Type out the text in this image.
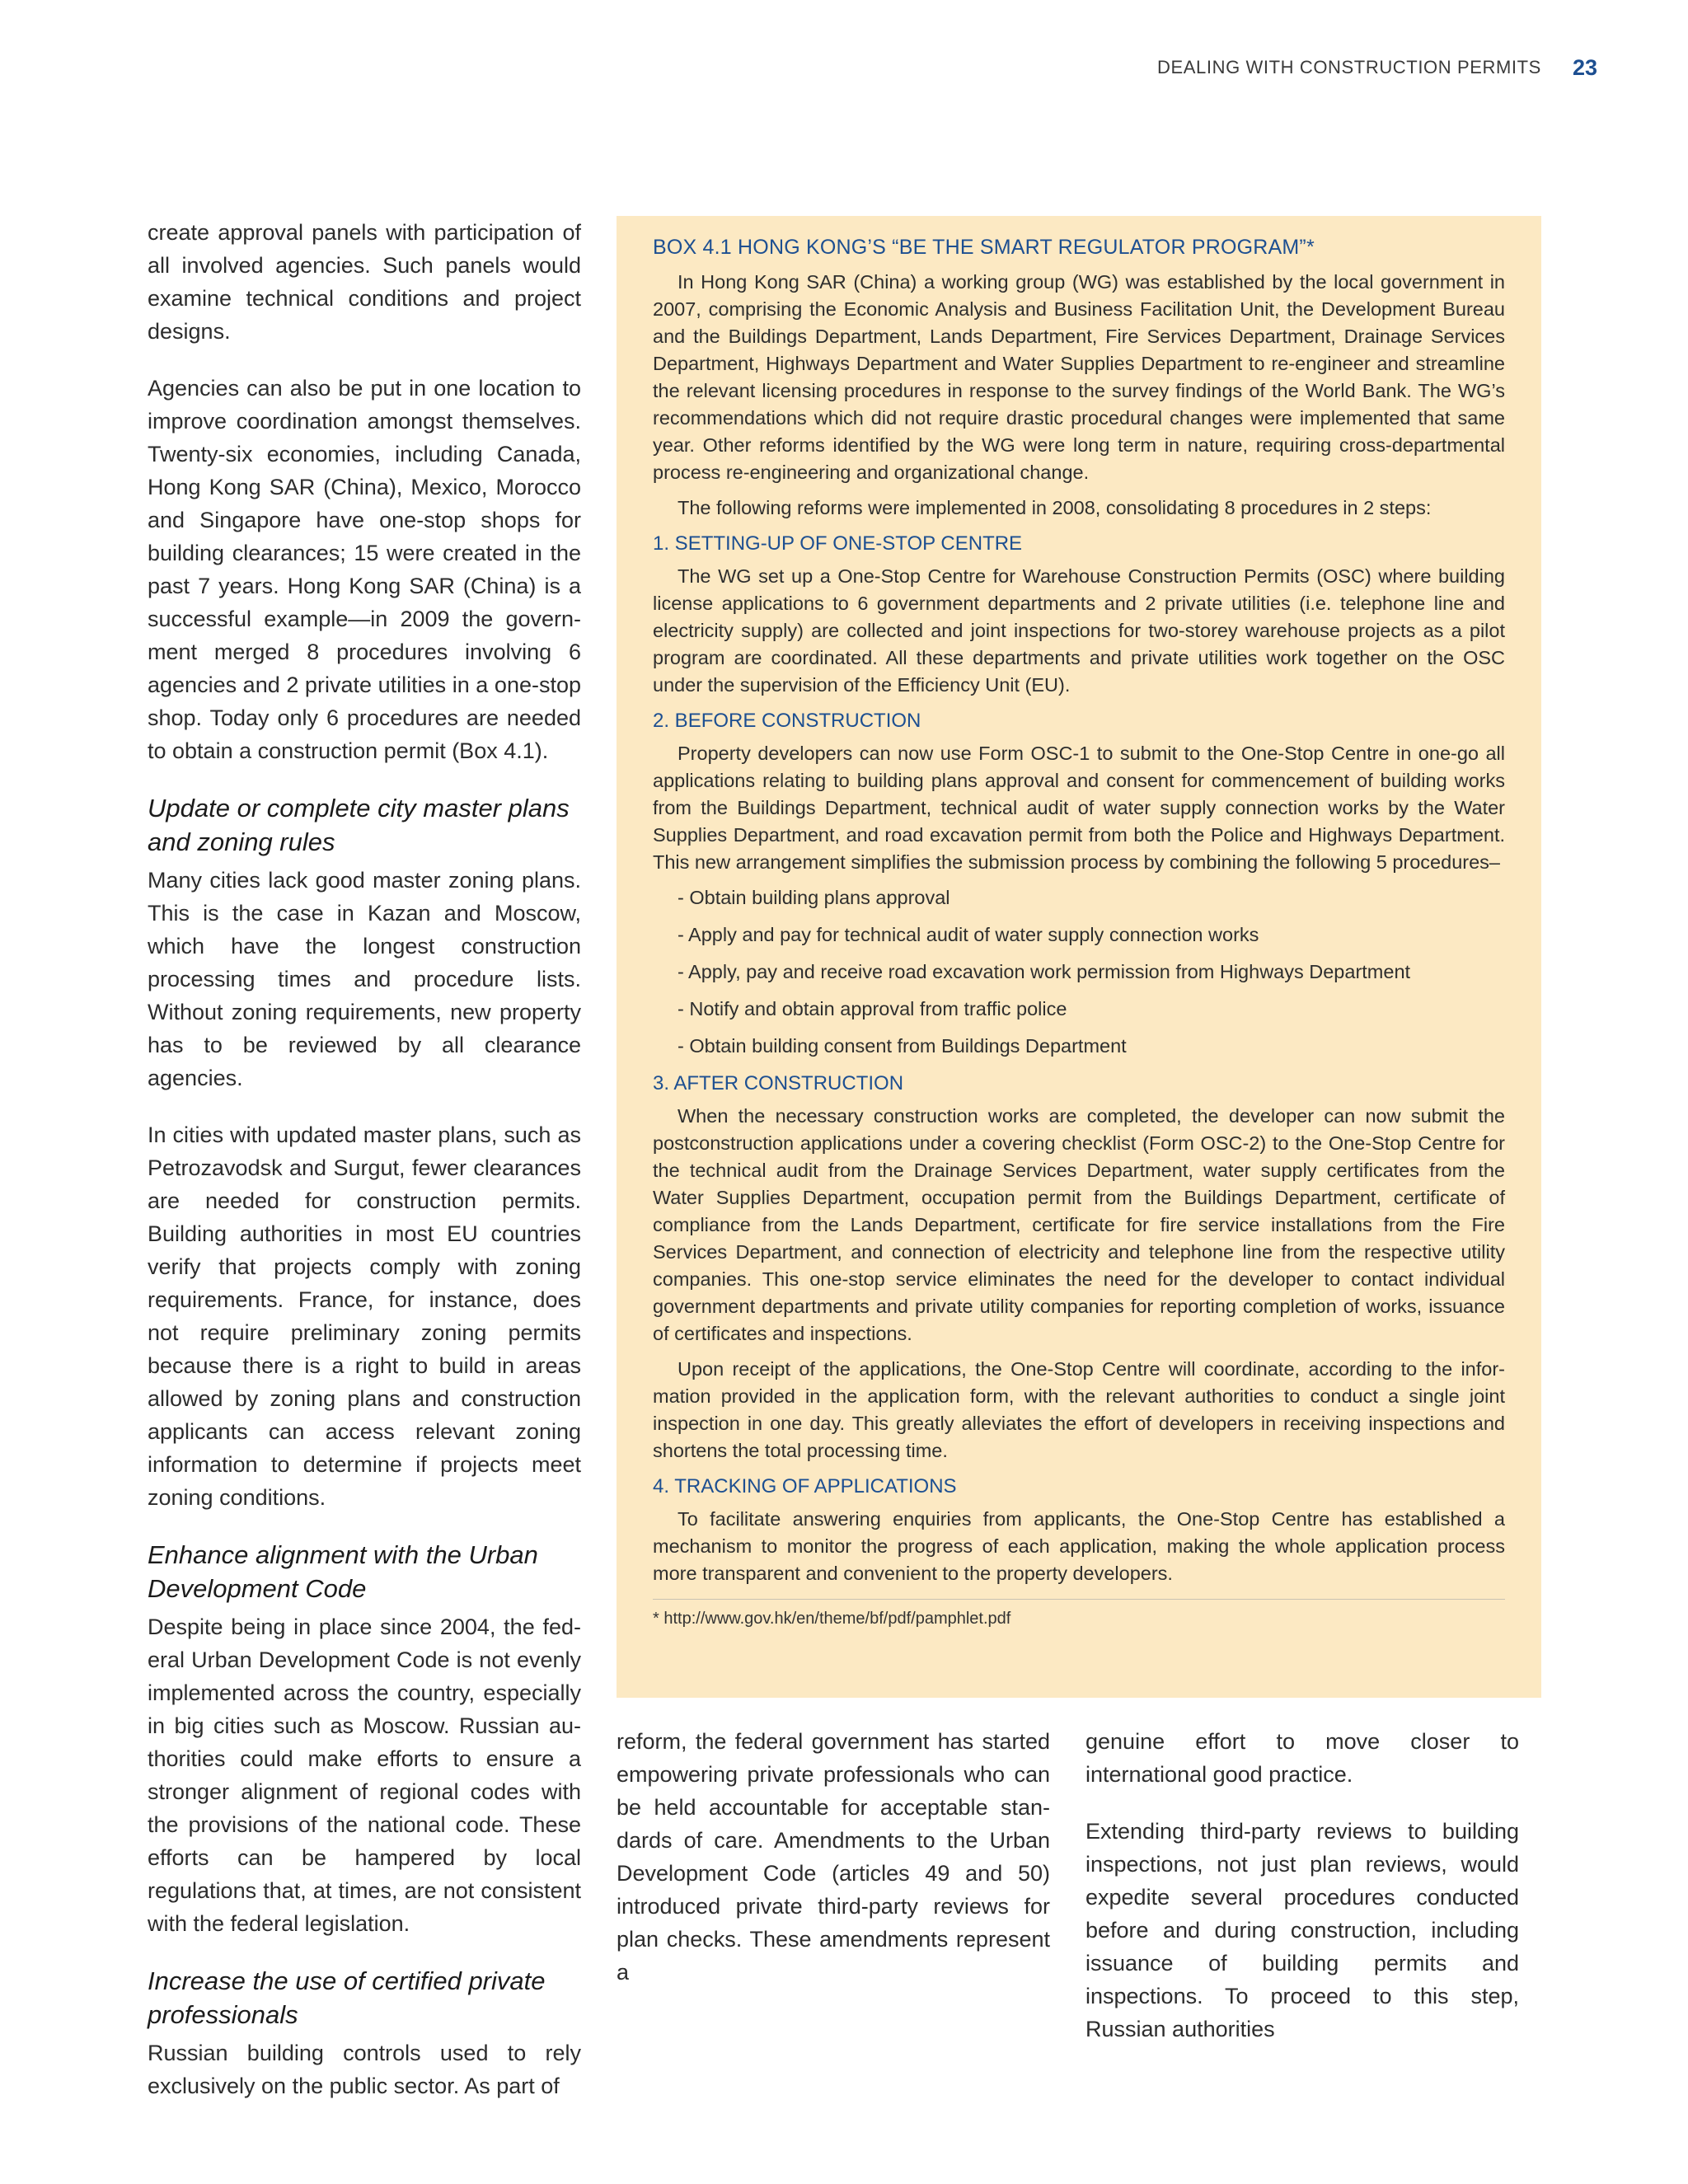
DEALING WITH CONSTRUCTION PERMITS 23

create approval panels with participation of all involved agencies. Such panels would examine technical conditions and project designs.

Agencies can also be put in one location to improve coordination amongst themselves. Twenty-six economies, including Canada, Hong Kong SAR (China), Mexico, Morocco and Singapore have one-stop shops for building clearances; 15 were created in the past 7 years. Hong Kong SAR (China) is a successful example—in 2009 the government merged 8 procedures involving 6 agencies and 2 private utilities in a one-stop shop. Today only 6 procedures are needed to obtain a construction permit (Box 4.1).

Update or complete city master plans and zoning rules

Many cities lack good master zoning plans. This is the case in Kazan and Moscow, which have the longest construction processing times and procedure lists. Without zoning requirements, new property has to be reviewed by all clearance agencies.

In cities with updated master plans, such as Petrozavodsk and Surgut, fewer clearances are needed for construction permits. Building authorities in most EU countries verify that projects comply with zoning requirements. France, for instance, does not require preliminary zoning permits because there is a right to build in areas allowed by zoning plans and construction applicants can access relevant zoning information to determine if projects meet zoning conditions.

Enhance alignment with the Urban Development Code

Despite being in place since 2004, the federal Urban Development Code is not evenly implemented across the country, especially in big cities such as Moscow. Russian authorities could make efforts to ensure a stronger alignment of regional codes with the provisions of the national code. These efforts can be hampered by local regulations that, at times, are not consistent with the federal legislation.

Increase the use of certified private professionals

Russian building controls used to rely exclusively on the public sector. As part of

BOX 4.1 HONG KONG’S “BE THE SMART REGULATOR PROGRAM”*

In Hong Kong SAR (China) a working group (WG) was established by the local government in 2007, comprising the Economic Analysis and Business Facilitation Unit, the Development Bureau and the Buildings Department, Lands Department, Fire Services Department, Drainage Services Department, Highways Department and Water Supplies Department to re-engineer and streamline the relevant licensing procedures in response to the survey findings of the World Bank. The WG’s recommendations which did not require drastic procedural changes were implemented that same year. Other reforms identified by the WG were long term in nature, requiring cross-departmental process re-engineering and organizational change.

The following reforms were implemented in 2008, consolidating 8 procedures in 2 steps:

1. SETTING-UP OF ONE-STOP CENTRE

The WG set up a One-Stop Centre for Warehouse Construction Permits (OSC) where building license applications to 6 government departments and 2 private utilities (i.e. telephone line and electricity supply) are collected and joint inspections for two-storey warehouse projects as a pilot program are coordinated. All these departments and private utilities work together on the OSC under the supervision of the Efficiency Unit (EU).

2. BEFORE CONSTRUCTION

Property developers can now use Form OSC-1 to submit to the One-Stop Centre in one-go all applications relating to building plans approval and consent for commencement of building works from the Buildings Department, technical audit of water supply connection works by the Water Supplies Department, and road excavation permit from both the Police and Highways Department. This new arrangement simplifies the submission process by combining the following 5 procedures–

- Obtain building plans approval
- Apply and pay for technical audit of water supply connection works
- Apply, pay and receive road excavation work permission from Highways Department
- Notify and obtain approval from traffic police
- Obtain building consent from Buildings Department
3. AFTER CONSTRUCTION

When the necessary construction works are completed, the developer can now submit the postconstruction applications under a covering checklist (Form OSC-2) to the One-Stop Centre for the technical audit from the Drainage Services Department, water supply certificates from the Water Supplies Department, occupation permit from the Buildings Department, certificate of compliance from the Lands Department, certificate for fire service installations from the Fire Services Department, and connection of electricity and telephone line from the respective utility companies. This one-stop service eliminates the need for the developer to contact individual government departments and private utility companies for reporting completion of works, issuance of certificates and inspections.

Upon receipt of the applications, the One-Stop Centre will coordinate, according to the information provided in the application form, with the relevant authorities to conduct a single joint inspection in one day. This greatly alleviates the effort of developers in receiving inspections and shortens the total processing time.

4. TRACKING OF APPLICATIONS

To facilitate answering enquiries from applicants, the One-Stop Centre has established a mechanism to monitor the progress of each application, making the whole application process more transparent and convenient to the property developers.

* http://www.gov.hk/en/theme/bf/pdf/pamphlet.pdf

reform, the federal government has started empowering private professionals who can be held accountable for acceptable standards of care. Amendments to the Urban Development Code (articles 49 and 50) introduced private third-party reviews for plan checks. These amendments represent a

genuine effort to move closer to international good practice.

Extending third-party reviews to building inspections, not just plan reviews, would expedite several procedures conducted before and during construction, including issuance of building permits and inspections. To proceed to this step, Russian authorities
